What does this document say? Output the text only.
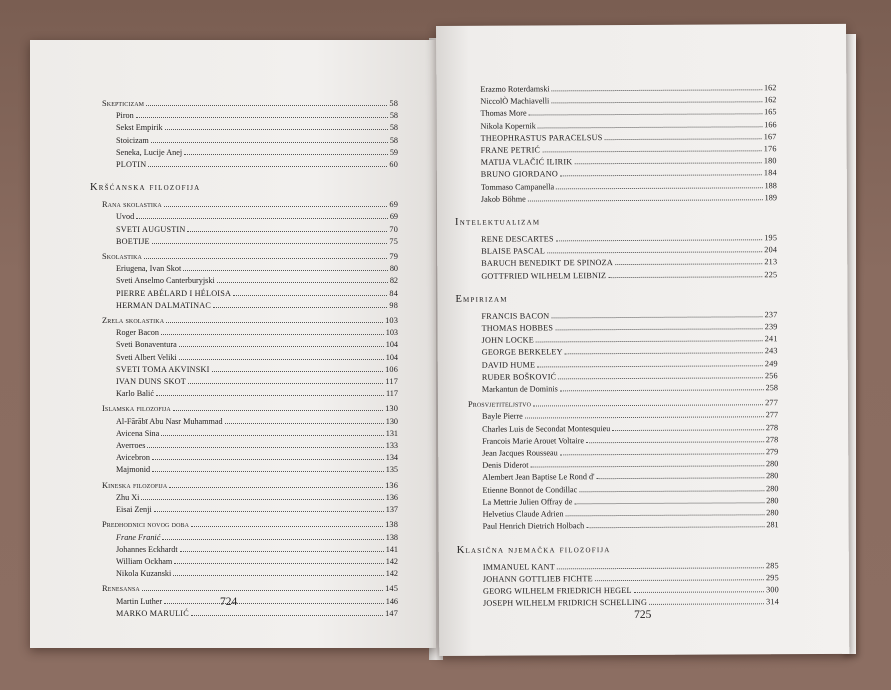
Skepticizam	58
Piron	58
Sekst Empirik	58
Stoicizam	58
Seneka, Lucije Anej	59
PLOTIN	60
Kršćanska filozofija
Rana skolastika	69
Uvod	69
SVETI AUGUSTIN	70
BOETIJE	75
Skolastika	79
Eriugena, Ivan Skot	80
Sveti Anselmo Canterburyjski	82
PIERRE ABÉLARD I HÉLOISA	84
HERMAN DALMATINAC	98
Zrela skolastika	103
Roger Bacon	103
Sveti Bonaventura	104
Sveti Albert Veliki	104
SVETI TOMA AKVINSKI	106
IVAN DUNS SKOT	117
Karlo Balić	117
Islamska filozofija	130
Al-Fārābī Abu Nasr Muhammad	130
Avicena Sina	131
Averroes	133
Avicebron	134
Majmonid	135
Kineska filozofija	136
Zhu Xi	136
Eisai Zenji	137
Predhodnici novog doba	138
Frane Franić	138
Johannes Eckhardt	141
William Ockham	142
Nikola Kuzanski	142
Renesansa	145
Martin Luther	146
MARKO MARULIĆ	147
724
Erazmo Roterdamski	162
NiccolÒ Machiavelli	162
Thomas More	165
Nikola Kopernik	166
THEOPHRASTUS PARACELSUS	167
FRANE PETRIĆ	176
MATIJA VLAČIĆ ILIRIK	180
BRUNO GIORDANO	184
Tommaso Campanella	188
Jakob Böhme	189
Intelektualizam
RENE DESCARTES	195
BLAISE PASCAL	204
BARUCH BENEDIKT DE SPINOZA	213
GOTTFRIED WILHELM LEIBNIZ	225
Empirizam
FRANCIS BACON	237
THOMAS HOBBES	239
JOHN LOCKE	241
GEORGE BERKELEY	243
DAVID HUME	249
RUĐER BOŠKOVIĆ	256
Markantun de Dominis	258
Prosvjetiteljstvo	277
Bayle Pierre	277
Charles Luis de Secondat Montesquieu	278
Francois Marie Arouet Voltaire	278
Jean Jacques Rousseau	279
Denis Diderot	280
Alembert Jean Baptise Le Rond d'	280
Etienne Bonnot de Condillac	280
La Mettrie Julien Offray de	280
Helvetius Claude Adrien	280
Paul Henrich Dietrich Holbach	281
Klasična njemačka filozofija
IMMANUEL KANT	285
JOHANN GOTTLIEB FICHTE	295
GEORG WILHELM FRIEDRICH HEGEL	300
JOSEPH WILHELM FRIDRICH SCHELLING	314
725
